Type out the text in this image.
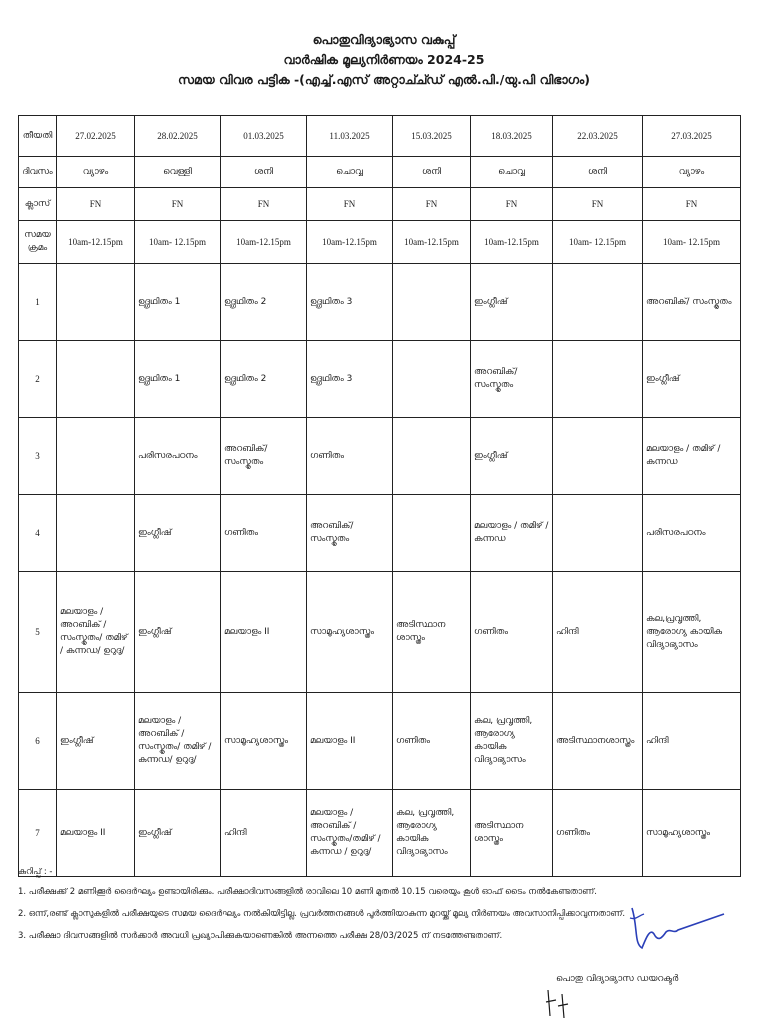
പൊതുവിദ്യാഭ്യാസ വകുപ്പ്
വാർഷിക മൂല്യനിർണയം 2024-25
സമയ വിവര പട്ടിക -(എച്ച്.എസ് അറ്റാച്ച്ഡ് എൽ.പി./യു.പി വിഭാഗം)
തീയതി	27.02.2025	28.02.2025	01.03.2025	11.03.2025	15.03.2025	18.03.2025	22.03.2025	27.03.2025
ദിവസം	വ്യാഴം	വെള്ളി	ശനി	ചൊവ്വ	ശനി	ചൊവ്വ	ശനി	വ്യാഴം
ക്ലാസ്	FN	FN	FN	FN	FN	FN	FN	FN
സമയ ക്രമം	10am-12.15pm	10am- 12.15pm	10am-12.15pm	10am-12.15pm	10am-12.15pm	10am-12.15pm	10am- 12.15pm	10am- 12.15pm
1		ഉദ്ഗ്രഥിതം 1	ഉദ്ഗ്രഥിതം 2	ഉദ്ഗ്രഥിതം 3		ഇംഗ്ലീഷ്		അറബിക്/ സംസ്കൃതം
2		ഉദ്ഗ്രഥിതം 1	ഉദ്ഗ്രഥിതം 2	ഉദ്ഗ്രഥിതം 3		അറബിക്/ സംസ്കൃതം		ഇംഗ്ലീഷ്
3		പരിസരപഠനം	അറബിക്/ സംസ്കൃതം	ഗണിതം		ഇംഗ്ലീഷ്		മലയാളം / തമിഴ് / കന്നഡ
4		ഇംഗ്ലീഷ്	ഗണിതം	അറബിക്/ സംസ്കൃതം		മലയാളം / തമിഴ് / കന്നഡ		പരിസരപഠനം
5	മലയാളം / അറബിക് /സംസ്കൃതം/ തമിഴ് / കന്നഡ/ ഉറുദു/	ഇംഗ്ലീഷ്	മലയാളം II	സാമൂഹ്യശാസ്ത്രം	അടിസ്ഥാന ശാസ്ത്രം	ഗണിതം	ഹിന്ദി	കല,പ്രവൃത്തി, ആരോഗ്യ കായിക വിദ്യാഭ്യാസം
6	ഇംഗ്ലീഷ്	മലയാളം / അറബിക് /സംസ്കൃതം/ തമിഴ് / കന്നഡ/ ഉറുദു/	സാമൂഹ്യശാസ്ത്രം	മലയാളം II	ഗണിതം	കല, പ്രവൃത്തി, ആരോഗ്യ കായിക വിദ്യാഭ്യാസം	അടിസ്ഥാനശാസ്ത്രം	ഹിന്ദി
7	മലയാളം II	ഇംഗ്ലീഷ്	ഹിന്ദി	മലയാളം / അറബിക് /സംസ്കൃതം/തമിഴ് / കന്നഡ / ഉറുദു/	കല, പ്രവൃത്തി, ആരോഗ്യ കായിക വിദ്യാഭ്യാസം	അടിസ്ഥാന ശാസ്ത്രം	ഗണിതം	സാമൂഹ്യശാസ്ത്രം
കുറിപ്പ് : -
1. പരീക്ഷക്ക് 2 മണിക്കൂർ ദൈർഘ്യം ഉണ്ടായിരിക്കും. പരീക്ഷാദിവസങ്ങളിൽ രാവിലെ 10 മണി മുതൽ 10.15 വരെയും കൂൾ ഓഫ് ടൈം നൽകേണ്ടതാണ്.
2. ഒന്ന്,രണ്ട് ക്ലാസുകളിൽ പരീക്ഷയുടെ സമയ ദൈർഘ്യം നൽകിയിട്ടില്ല. പ്രവർത്തനങ്ങൾ പൂർത്തിയാകുന്ന മുറയ്ക്ക് മൂല്യ നിർണയം അവസാനിപ്പിക്കാവുന്നതാണ്.
3. പരീക്ഷാ ദിവസങ്ങളിൽ സർക്കാർ അവധി പ്രഖ്യാപിക്കുകയാണെങ്കിൽ അന്നത്തെ പരീക്ഷ 28/03/2025 ന് നടത്തേണ്ടതാണ്.
പൊതു വിദ്യാഭ്യാസ ഡയറക്ടർ
